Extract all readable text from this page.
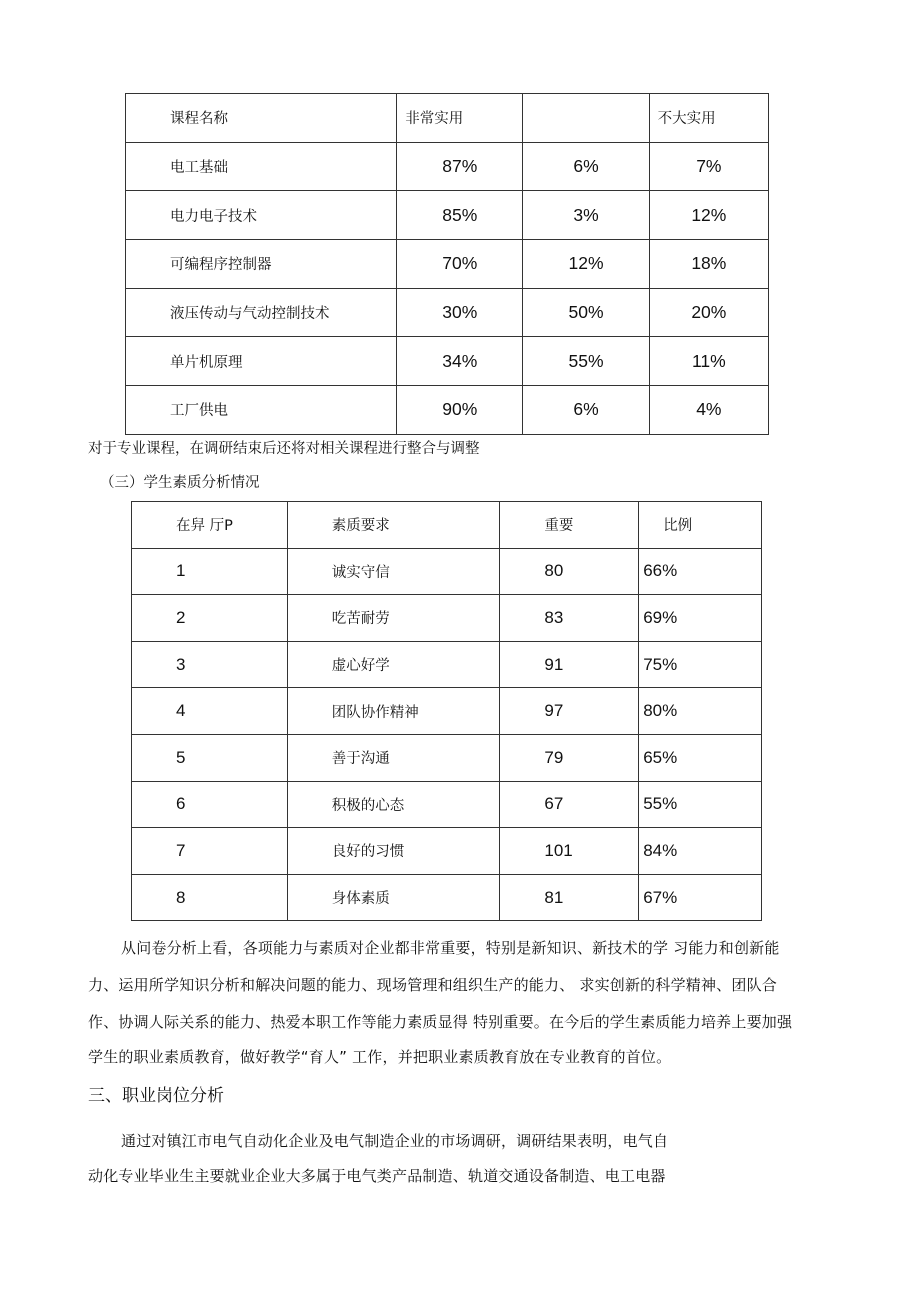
课程名称	非常实用		不大实用
电工基础	87%	6%	7%
电力电子技术	85%	3%	12%
可编程序控制器	70%	12%	18%
液压传动与气动控制技术	30%	50%	20%
单片机原理	34%	55%	11%
工厂供电	90%	6%	4%
对于专业课程，在调研结束后还将对相关课程进行整合与调整
（三）学生素质分析情况
在舁 厅P	素质要求	重要	比例
1	诚实守信	80	66%
2	吃苦耐劳	83	69%
3	虚心好学	91	75%
4	团队协作精神	97	80%
5	善于沟通	79	65%
6	积极的心态	67	55%
7	良好的习惯	101	84%
8	身体素质	81	67%
从问卷分析上看，各项能力与素质对企业都非常重要，特别是新知识、新技术的学 习能力和创新能
力、运用所学知识分析和解决问题的能力、现场管理和组织生产的能力、 求实创新的科学精神、团队合
作、协调人际关系的能力、热爱本职工作等能力素质显得 特别重要。在今后的学生素质能力培养上要加强
学生的职业素质教育，做好教学“育人” 工作，并把职业素质教育放在专业教育的首位。
三、职业岗位分析
通过对镇江市电气自动化企业及电气制造企业的市场调研，调研结果表明，电气自
动化专业毕业生主要就业企业大多属于电气类产品制造、轨道交通设备制造、电工电器
